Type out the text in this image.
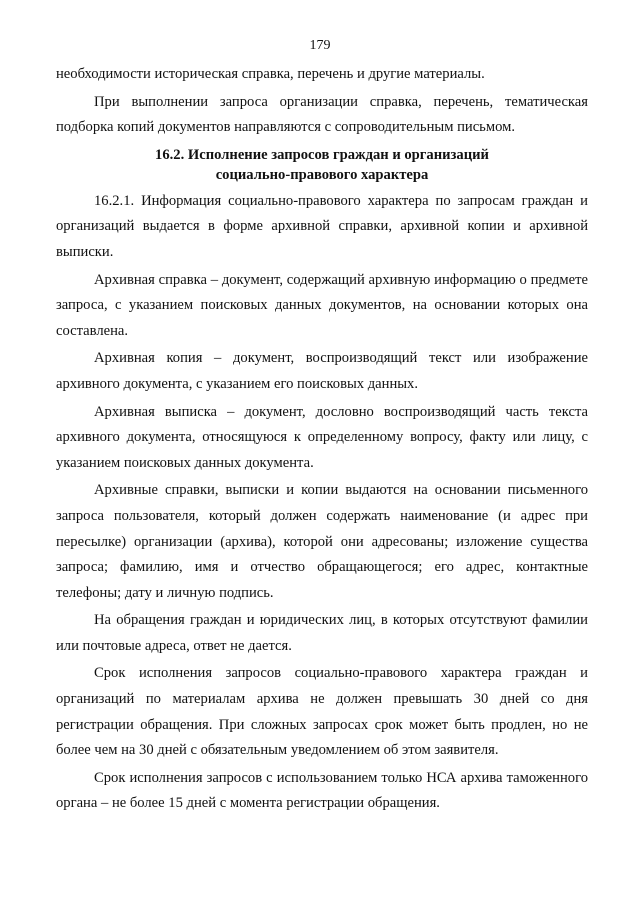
179

необходимости историческая справка, перечень и другие материалы.

При выполнении запроса организации справка, перечень, тематическая подборка копий документов направляются с сопроводительным письмом.

16.2. Исполнение запросов граждан и организаций
социально-правового характера

16.2.1. Информация социально-правового характера по запросам граждан и организаций выдается в форме архивной справки, архивной копии и архивной выписки.

Архивная справка – документ, содержащий архивную информацию о предмете запроса, с указанием поисковых данных документов, на основании которых она составлена.

Архивная копия – документ, воспроизводящий текст или изображение архивного документа, с указанием его поисковых данных.

Архивная выписка – документ, дословно воспроизводящий часть текста архивного документа, относящуюся к определенному вопросу, факту или лицу, с указанием поисковых данных документа.

Архивные справки, выписки и копии выдаются на основании письменного запроса пользователя, который должен содержать наименование (и адрес при пересылке) организации (архива), которой они адресованы; изложение существа запроса; фамилию, имя и отчество обращающегося; его адрес, контактные телефоны; дату и личную подпись.

На обращения граждан и юридических лиц, в которых отсутствуют фамилии или почтовые адреса, ответ не дается.

Срок исполнения запросов социально-правового характера граждан и организаций по материалам архива не должен превышать 30 дней со дня регистрации обращения. При сложных запросах срок может быть продлен, но не более чем на 30 дней с обязательным уведомлением об этом заявителя.

Срок исполнения запросов с использованием только НСА архива таможенного органа – не более 15 дней с момента регистрации обращения.
